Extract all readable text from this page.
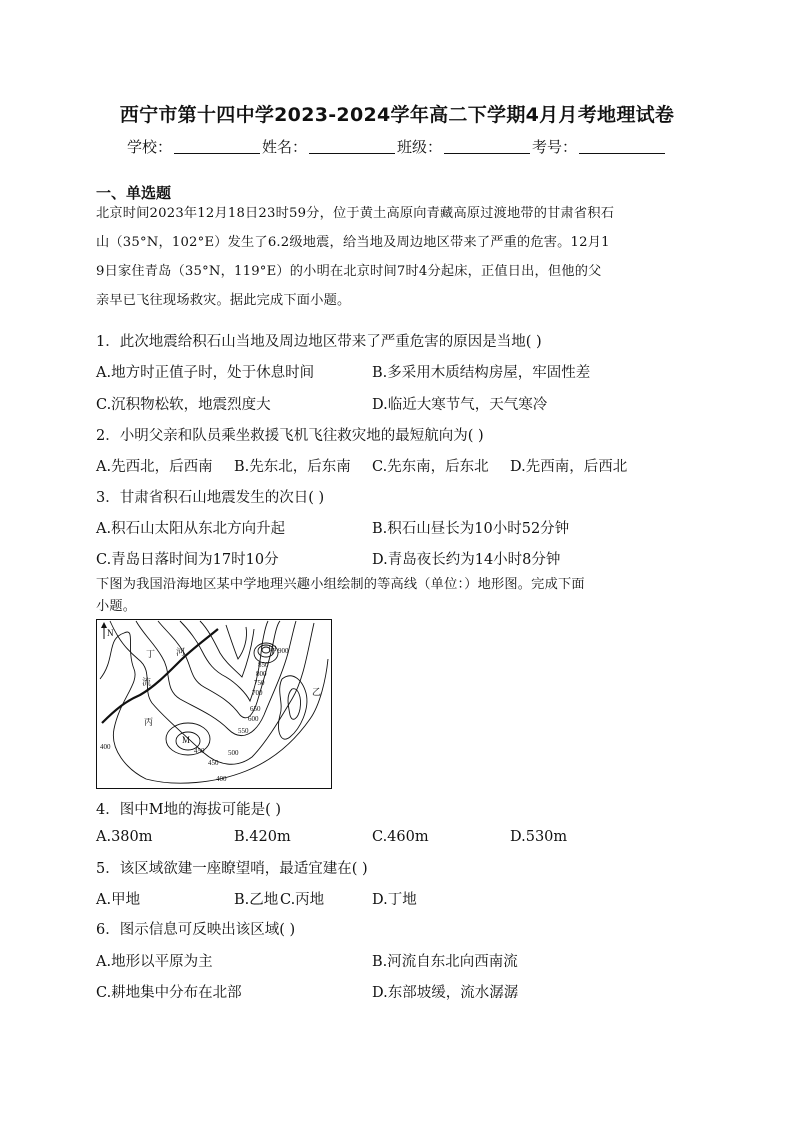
西宁市第十四中学2023-2024学年高二下学期4月月考地理试卷
学校：	姓名：	班级：	考号：
一、单选题
北京时间2023年12月18日23时59分，位于黄土高原向青藏高原过渡地带的甘肃省积石
山（35°N，102°E）发生了6.2级地震，给当地及周边地区带来了严重的危害。12月1
9日家住青岛（35°N，119°E）的小明在北京时间7时4分起床，正值日出，但他的父
亲早已飞往现场救灾。据此完成下面小题。
1．此次地震给积石山当地及周边地区带来了严重危害的原因是当地( )
A.地方时正值子时，处于休息时间	B.多采用木质结构房屋，牢固性差
C.沉积物松软，地震烈度大	D.临近大寒节气，天气寒冷
2．小明父亲和队员乘坐救援飞机飞往救灾地的最短航向为( )
A.先西北，后西南 B.先东北，后东南 C.先东南，后东北 D.先西南，后西北
3．甘肃省积石山地震发生的次日( )
A.积石山太阳从东北方向升起	B.积石山昼长为10小时52分钟
C.青岛日落时间为17时10分	D.青岛夜长约为14小时8分钟
下图为我国沿海地区某中学地理兴趣小组绘制的等高线（单位：）地形图。完成下面
小题。
N
甲 900
乙
丙
丁 河
流
M
850
800
750
700
650
600
550
500
450
450
400
400
4．图中M地的海拔可能是( )
A.380m	B.420m	C.460m	D.530m
5．该区域欲建一座瞭望哨，最适宜建在( )
A.甲地	B.乙地 C.丙地	D.丁地
6．图示信息可反映出该区域( )
A.地形以平原为主	B.河流自东北向西南流
C.耕地集中分布在北部	D.东部坡缓，流水潺潺
